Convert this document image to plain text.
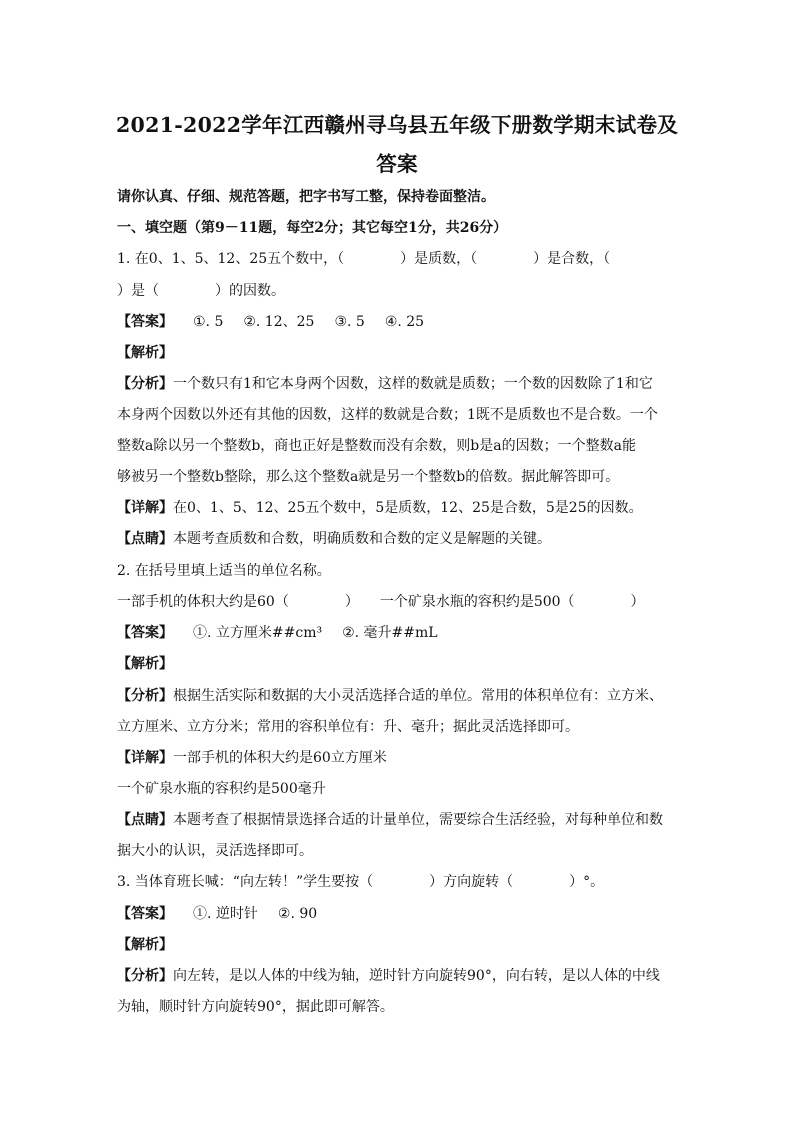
2021-2022学年江西赣州寻乌县五年级下册数学期末试卷及
答案
请你认真、仔细、规范答题，把字书写工整，保持卷面整洁。
一、填空题（第9－11题，每空2分；其它每空1分，共26分）
1. 在0、1、5、12、25五个数中，（　　　　）是质数，（　　　　）是合数，（
）是（　　　　）的因数。
【答案】 ①. 5 ②. 12、25 ③. 5 ④. 25
【解析】
【分析】一个数只有1和它本身两个因数，这样的数就是质数；一个数的因数除了1和它
本身两个因数以外还有其他的因数，这样的数就是合数；1既不是质数也不是合数。一个
整数a除以另一个整数b，商也正好是整数而没有余数，则b是a的因数；一个整数a能
够被另一个整数b整除，那么这个整数a就是另一个整数b的倍数。据此解答即可。
【详解】在0、1、5、12、25五个数中，5是质数，12、25是合数，5是25的因数。
【点睛】本题考查质数和合数，明确质数和合数的定义是解题的关键。
2. 在括号里填上适当的单位名称。
一部手机的体积大约是60（　　　　）　　一个矿泉水瓶的容积约是500（　　　　）
【答案】 ①. 立方厘米##cm³ ②. 毫升##mL
【解析】
【分析】根据生活实际和数据的大小灵活选择合适的单位。常用的体积单位有：立方米、
立方厘米、立方分米；常用的容积单位有：升、毫升；据此灵活选择即可。
【详解】一部手机的体积大约是60立方厘米
一个矿泉水瓶的容积约是500毫升
【点睛】本题考查了根据情景选择合适的计量单位，需要综合生活经验，对每种单位和数
据大小的认识，灵活选择即可。
3. 当体育班长喊：“向左转！”学生要按（　　　　）方向旋转（　　　　）°。
【答案】 ①. 逆时针 ②. 90
【解析】
【分析】向左转，是以人体的中线为轴，逆时针方向旋转90°，向右转，是以人体的中线
为轴，顺时针方向旋转90°，据此即可解答。
